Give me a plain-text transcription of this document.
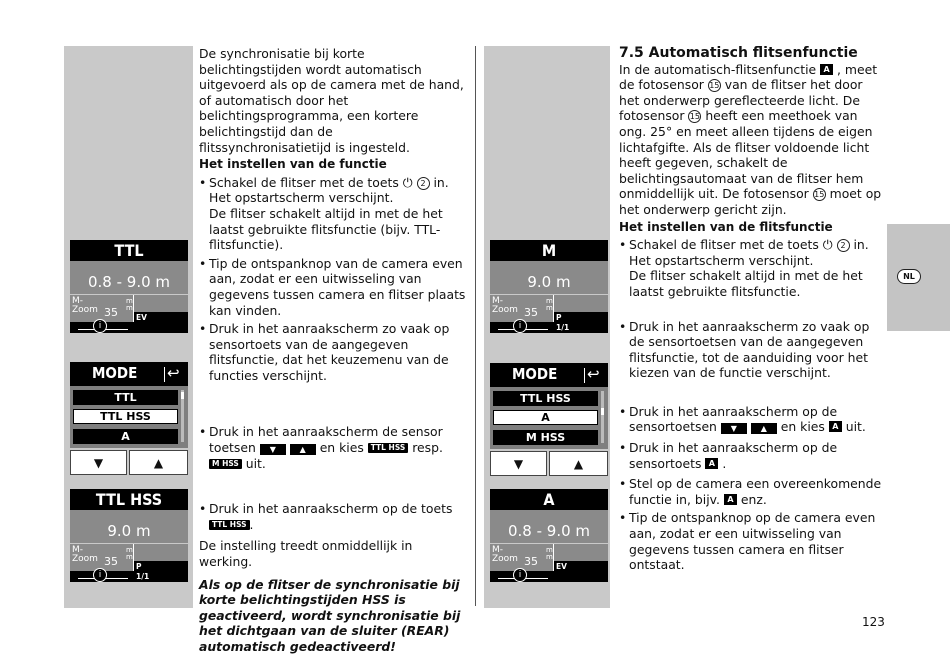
NL
TTL
0.8 - 9.0 m
M-
Zoom 35
m
m
EV
i
MODE ↩
TTL
TTL HSS
A
▼	▲
TTL HSS
9.0 m
M-
Zoom 35
m
m
P
1/1
i
M
9.0 m
M-
Zoom 35
m
m
P
1/1
i
MODE ↩
TTL HSS
A
M HSS
▼	▲
A
0.8 - 9.0 m
M-
Zoom 35
m
m
EV
i

De synchronisatie bij korte belichtingstijden wordt automatisch uitgevoerd als op de camera met de hand, of automatisch door het belichtingsprogramma, een kortere belichtingstijd dan de flitssynchronisatietijd is ingesteld.

Het instellen van de functie

• Schakel de flitser met de toets ⏻ 2 in.
Het opstartscherm verschijnt.
De flitser schakelt altijd in met de het laatst gebruikte flitsfunctie (bijv. TTL-flitsfunctie).

• Tip de ontspanknop van de camera even aan, zodat er een uitwisseling van gegevens tussen camera en flitser plaats kan vinden.

• Druk in het aanraakscherm zo vaak op sensortoets van de aangegeven flitsfunctie, dat het keuzemenu van de functies verschijnt.

• Druk in het aanraakscherm de sensor toetsen ▼	▲ en kies TTL HSS resp.
M HSS uit.

• Druk in het aanraakscherm op de toets
TTL HSS .

De instelling treedt onmiddellijk in werking.

Als op de flitser de synchronisatie bij korte belichtingstijden HSS is geactiveerd, wordt synchronisatie bij het dichtgaan van de sluiter (REAR) automatisch gedeactiveerd!

7.5 Automatisch flitsenfunctie

In de automatisch-flitsenfunctie A , meet de fotosensor 15 van de flitser het door het onderwerp gereflecteerde licht. De fotosensor 15 heeft een meethoek van ong. 25° en meet alleen tijdens de eigen lichtafgifte. Als de flitser voldoende licht heeft gegeven, schakelt de belichtingsautomaat van de flitser hem onmiddellijk uit. De fotosensor 15 moet op het onderwerp gericht zijn.

Het instellen van de flitsfunctie

• Schakel de flitser met de toets ⏻ 2 in.
Het opstartscherm verschijnt.
De flitser schakelt altijd in met de het laatst gebruikte flitsfunctie.

• Druk in het aanraakscherm zo vaak op de sensortoetsen van de aangegeven flitsfunctie, tot de aanduiding voor het kiezen van de functie verschijnt.

• Druk in het aanraakscherm op de sensortoetsen ▼	▲ en kies A uit.

• Druk in het aanraakscherm op de sensortoets A .

• Stel op de camera een overeenkomende functie in, bijv. A enz.

• Tip de ontspanknop op de camera even aan, zodat er een uitwisseling van gegevens tussen camera en flitser ontstaat.

123
